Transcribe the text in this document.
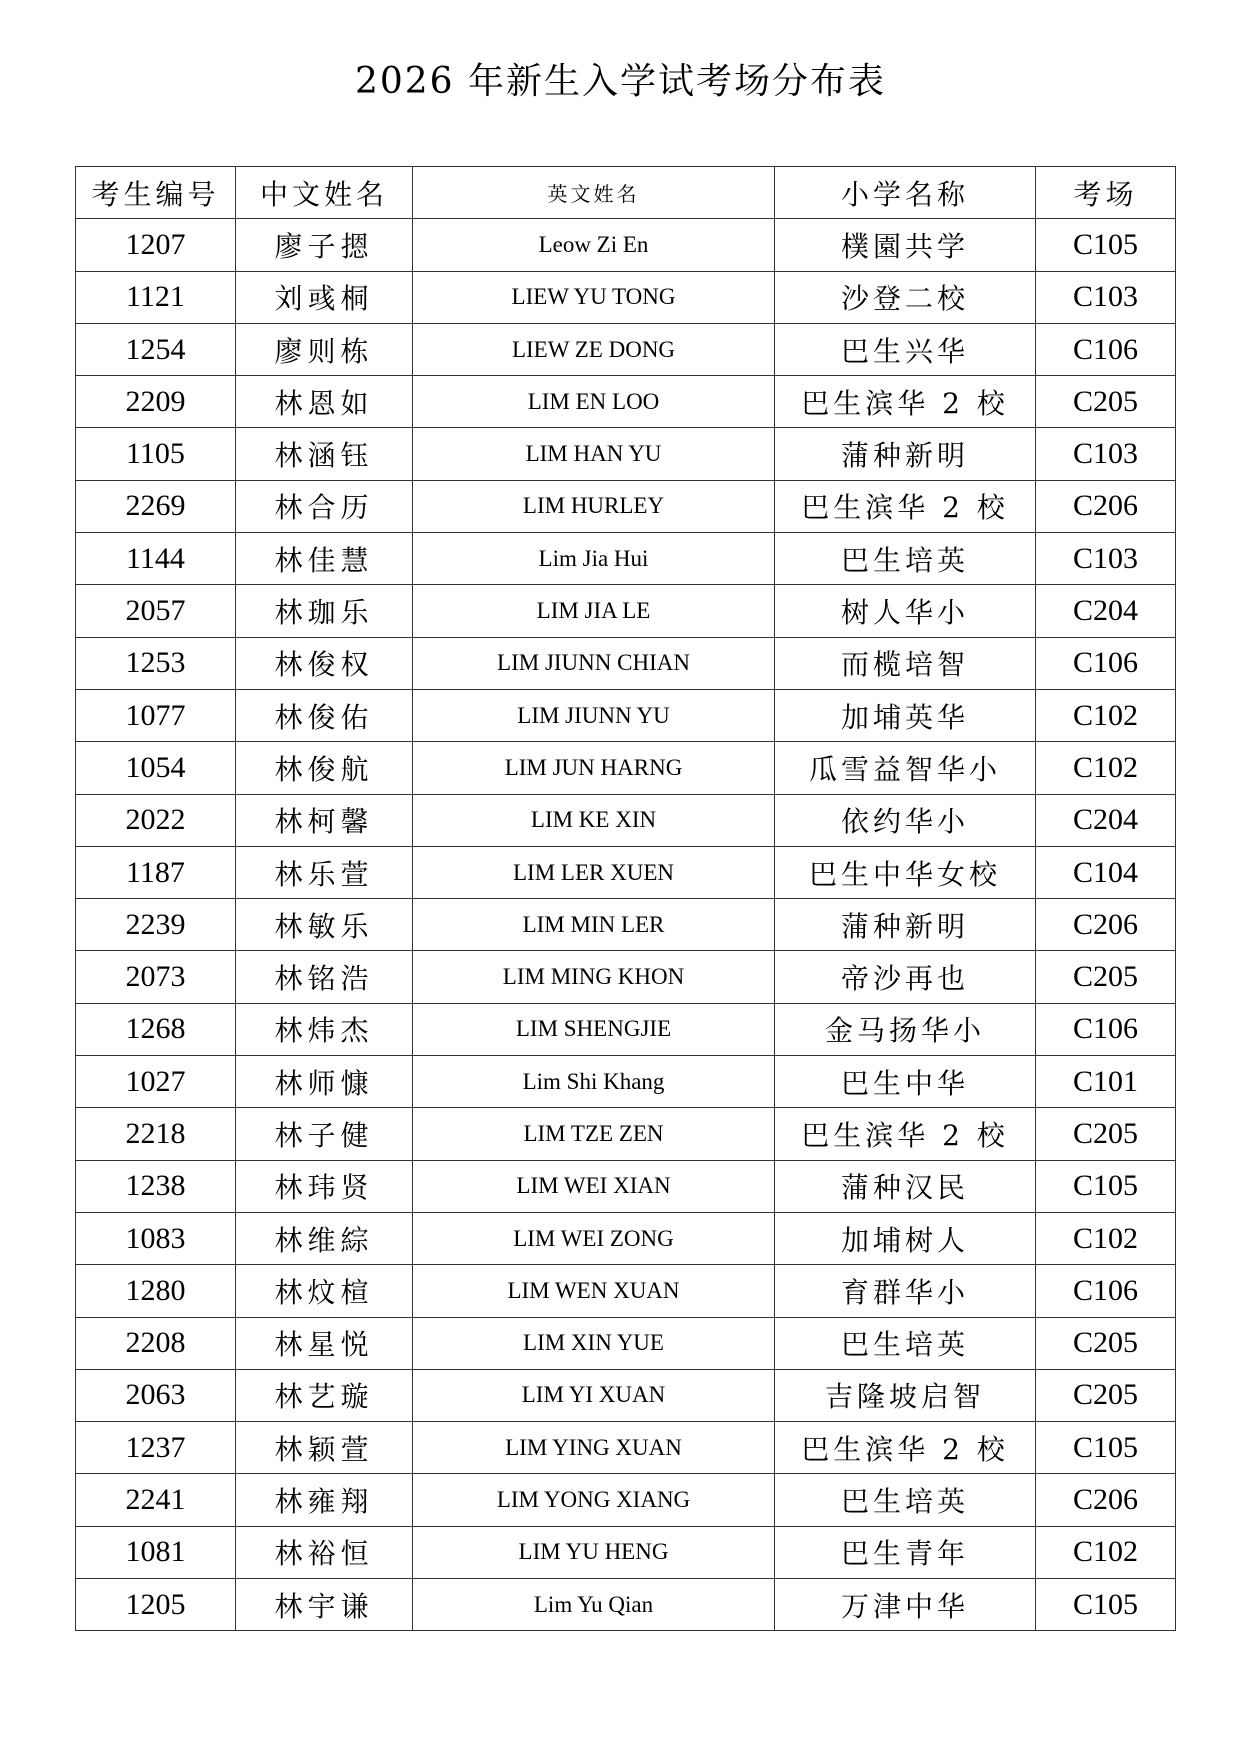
2026 年新生入学试考场分布表
考生编号	中文姓名	英文姓名	小学名称	考场
1207	廖子摁	Leow Zi En	樸園共学	C105
1121	刘彧桐	LIEW YU TONG	沙登二校	C103
1254	廖则栋	LIEW ZE DONG	巴生兴华	C106
2209	林恩如	LIM EN LOO	巴生滨华 2 校	C205
1105	林涵钰	LIM HAN YU	蒲种新明	C103
2269	林合历	LIM HURLEY	巴生滨华 2 校	C206
1144	林佳慧	Lim Jia Hui	巴生培英	C103
2057	林珈乐	LIM JIA LE	树人华小	C204
1253	林俊权	LIM JIUNN CHIAN	而榄培智	C106
1077	林俊佑	LIM JIUNN YU	加埔英华	C102
1054	林俊航	LIM JUN HARNG	瓜雪益智华小	C102
2022	林柯馨	LIM KE XIN	依约华小	C204
1187	林乐萱	LIM LER XUEN	巴生中华女校	C104
2239	林敏乐	LIM MIN LER	蒲种新明	C206
2073	林铭浩	LIM MING KHON	帝沙再也	C205
1268	林炜杰	LIM SHENGJIE	金马扬华小	C106
1027	林师慷	Lim Shi Khang	巴生中华	C101
2218	林子健	LIM TZE ZEN	巴生滨华 2 校	C205
1238	林玮贤	LIM WEI XIAN	蒲种汉民	C105
1083	林维綜	LIM WEI ZONG	加埔树人	C102
1280	林炆楦	LIM WEN XUAN	育群华小	C106
2208	林星悦	LIM XIN YUE	巴生培英	C205
2063	林艺璇	LIM YI XUAN	吉隆坡启智	C205
1237	林颖萱	LIM YING XUAN	巴生滨华 2 校	C105
2241	林雍翔	LIM YONG XIANG	巴生培英	C206
1081	林裕恒	LIM YU HENG	巴生青年	C102
1205	林宇谦	Lim Yu Qian	万津中华	C105
